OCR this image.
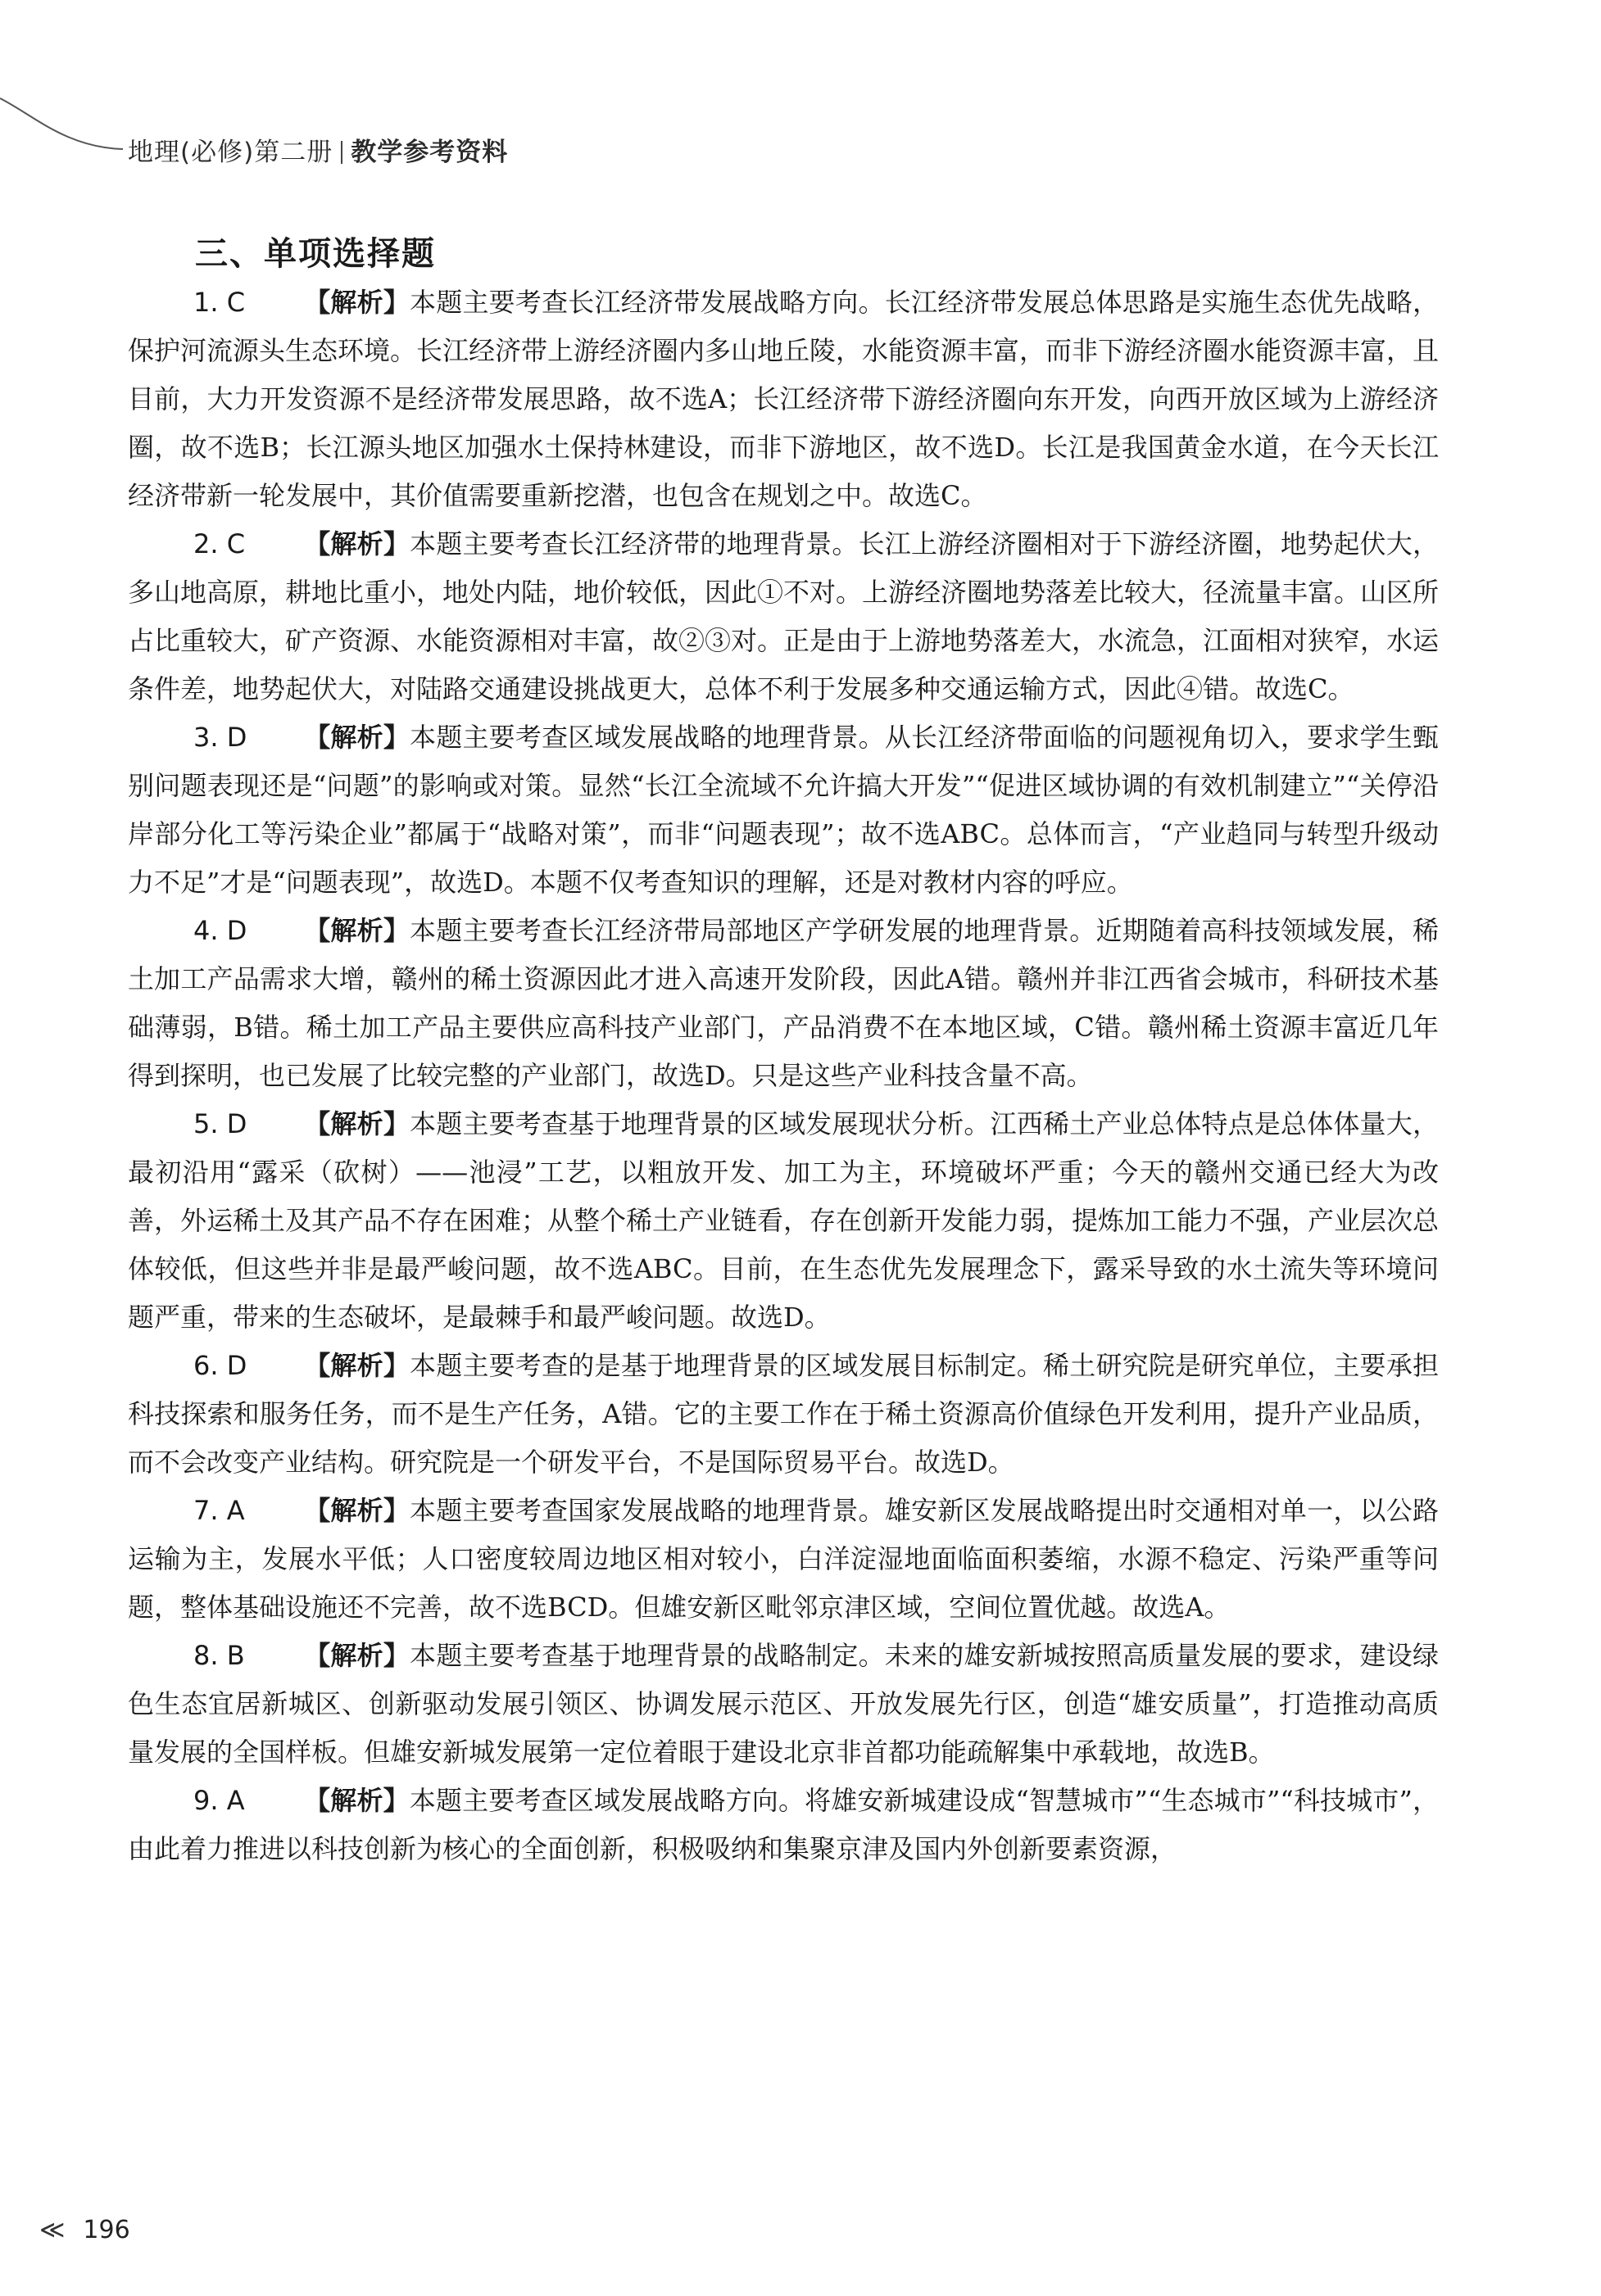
地理(必修)第二册 教学参考资料
三、单项选择题

1. C 【解析】本题主要考查长江经济带发展战略方向。长江经济带发展总体思路是实施生态优先战略，保护河流源头生态环境。长江经济带上游经济圈内多山地丘陵，水能资源丰富，而非下游经济圈水能资源丰富，且目前，大力开发资源不是经济带发展思路，故不选A；长江经济带下游经济圈向东开发，向西开放区域为上游经济圈，故不选B；长江源头地区加强水土保持林建设，而非下游地区，故不选D。长江是我国黄金水道，在今天长江经济带新一轮发展中，其价值需要重新挖潜，也包含在规划之中。故选C。

2. C 【解析】本题主要考查长江经济带的地理背景。长江上游经济圈相对于下游经济圈，地势起伏大，多山地高原，耕地比重小，地处内陆，地价较低，因此①不对。上游经济圈地势落差比较大，径流量丰富。山区所占比重较大，矿产资源、水能资源相对丰富，故②③对。正是由于上游地势落差大，水流急，江面相对狭窄，水运条件差，地势起伏大，对陆路交通建设挑战更大，总体不利于发展多种交通运输方式，因此④错。故选C。

3. D 【解析】本题主要考查区域发展战略的地理背景。从长江经济带面临的问题视角切入，要求学生甄别问题表现还是“问题”的影响或对策。显然“长江全流域不允许搞大开发”“促进区域协调的有效机制建立”“关停沿岸部分化工等污染企业”都属于“战略对策”，而非“问题表现”；故不选ABC。总体而言，“产业趋同与转型升级动力不足”才是“问题表现”，故选D。本题不仅考查知识的理解，还是对教材内容的呼应。

4. D 【解析】本题主要考查长江经济带局部地区产学研发展的地理背景。近期随着高科技领域发展，稀土加工产品需求大增，赣州的稀土资源因此才进入高速开发阶段，因此A错。赣州并非江西省会城市，科研技术基础薄弱，B错。稀土加工产品主要供应高科技产业部门，产品消费不在本地区域，C错。赣州稀土资源丰富近几年得到探明，也已发展了比较完整的产业部门，故选D。只是这些产业科技含量不高。

5. D 【解析】本题主要考查基于地理背景的区域发展现状分析。江西稀土产业总体特点是总体体量大，最初沿用“露采（砍树）——池浸”工艺，以粗放开发、加工为主，环境破坏严重；今天的赣州交通已经大为改善，外运稀土及其产品不存在困难；从整个稀土产业链看，存在创新开发能力弱，提炼加工能力不强，产业层次总体较低，但这些并非是最严峻问题，故不选ABC。目前，在生态优先发展理念下，露采导致的水土流失等环境问题严重，带来的生态破坏，是最棘手和最严峻问题。故选D。

6. D 【解析】本题主要考查的是基于地理背景的区域发展目标制定。稀土研究院是研究单位，主要承担科技探索和服务任务，而不是生产任务，A错。它的主要工作在于稀土资源高价值绿色开发利用，提升产业品质，而不会改变产业结构。研究院是一个研发平台，不是国际贸易平台。故选D。

7. A 【解析】本题主要考查国家发展战略的地理背景。雄安新区发展战略提出时交通相对单一，以公路运输为主，发展水平低；人口密度较周边地区相对较小，白洋淀湿地面临面积萎缩，水源不稳定、污染严重等问题，整体基础设施还不完善，故不选BCD。但雄安新区毗邻京津区域，空间位置优越。故选A。

8. B 【解析】本题主要考查基于地理背景的战略制定。未来的雄安新城按照高质量发展的要求，建设绿色生态宜居新城区、创新驱动发展引领区、协调发展示范区、开放发展先行区，创造“雄安质量”，打造推动高质量发展的全国样板。但雄安新城发展第一定位着眼于建设北京非首都功能疏解集中承载地，故选B。

9. A 【解析】本题主要考查区域发展战略方向。将雄安新城建设成“智慧城市”“生态城市”“科技城市”，由此着力推进以科技创新为核心的全面创新，积极吸纳和集聚京津及国内外创新要素资源，

≪ 196
